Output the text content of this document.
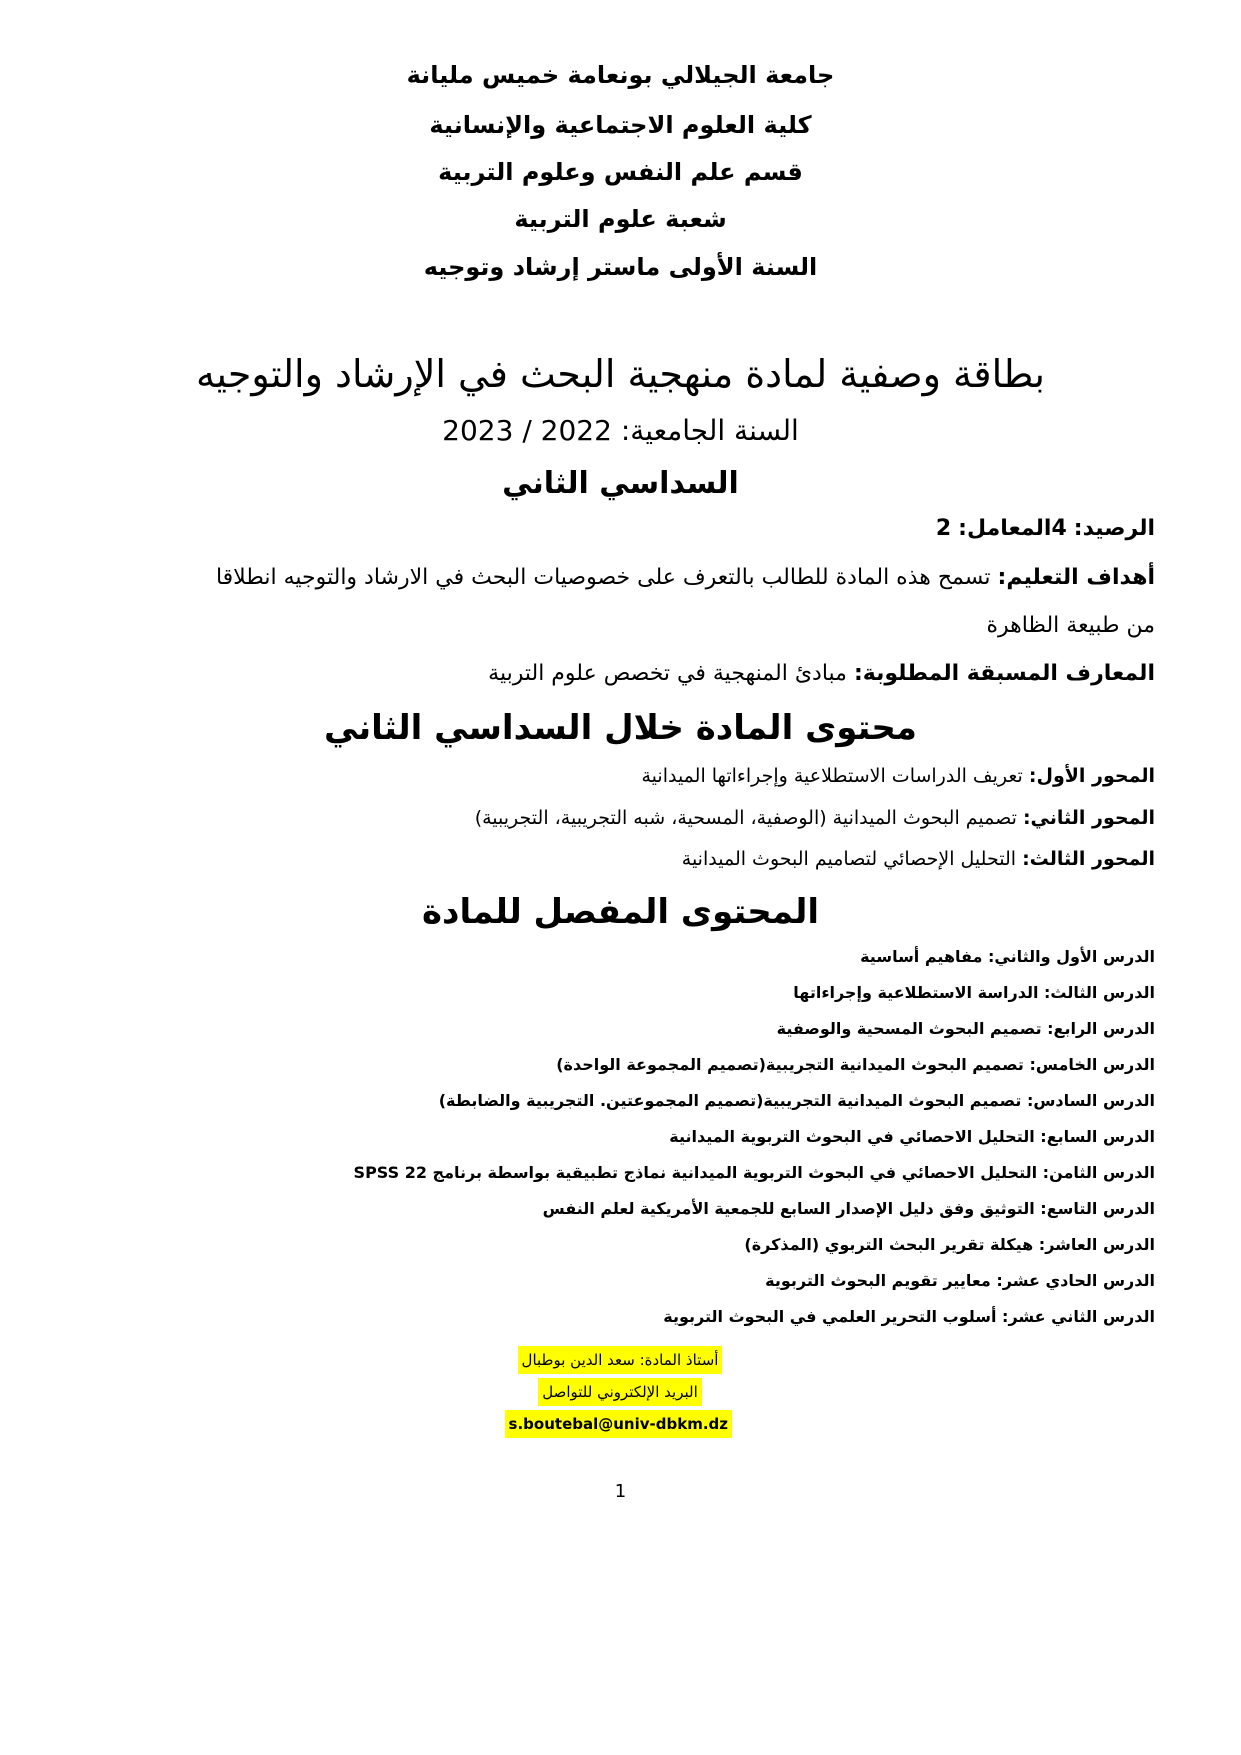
جامعة الجيلالي بونعامة خميس مليانة
كلية العلوم الاجتماعية والإنسانية
قسم علم النفس وعلوم التربية
شعبة علوم التربية
السنة الأولى ماستر إرشاد وتوجيه
بطاقة وصفية لمادة منهجية البحث في الإرشاد والتوجيه
السنة الجامعية: 2022 / 2023
السداسي الثاني
الرصيد: 4المعامل: 2
أهداف التعليم: تسمح هذه المادة للطالب بالتعرف على خصوصيات البحث في الارشاد والتوجيه انطلاقا
من طبيعة الظاهرة
المعارف المسبقة المطلوبة: مبادئ المنهجية في تخصص علوم التربية
محتوى المادة خلال السداسي الثاني
المحور الأول: تعريف الدراسات الاستطلاعية وإجراءاتها الميدانية
المحور الثاني: تصميم البحوث الميدانية (الوصفية، المسحية، شبه التجريبية، التجريبية)
المحور الثالث: التحليل الإحصائي لتصاميم البحوث الميدانية
المحتوى المفصل للمادة
الدرس الأول والثاني: مفاهيم أساسية
الدرس الثالث: الدراسة الاستطلاعية وإجراءاتها
الدرس الرابع: تصميم البحوث المسحية والوصفية
الدرس الخامس: تصميم البحوث الميدانية التجريبية(تصميم المجموعة الواحدة)
الدرس السادس: تصميم البحوث الميدانية التجريبية(تصميم المجموعتين. التجريبية والضابطة)
الدرس السابع: التحليل الاحصائي في البحوث التربوية الميدانية
الدرس الثامن: التحليل الاحصائي في البحوث التربوية الميدانية نماذج تطبيقية بواسطة برنامج SPSS 22
الدرس التاسع: التوثيق وفق دليل الإصدار السابع للجمعية الأمريكية لعلم النفس
الدرس العاشر: هيكلة تقرير البحث التربوي (المذكرة)
الدرس الحادي عشر: معايير تقويم البحوث التربوية
الدرس الثاني عشر: أسلوب التحرير العلمي في البحوث التربوية
أستاذ المادة: سعد الدين بوطبال
البريد الإلكتروني للتواصل
s.boutebal@univ-dbkm.dz
1
